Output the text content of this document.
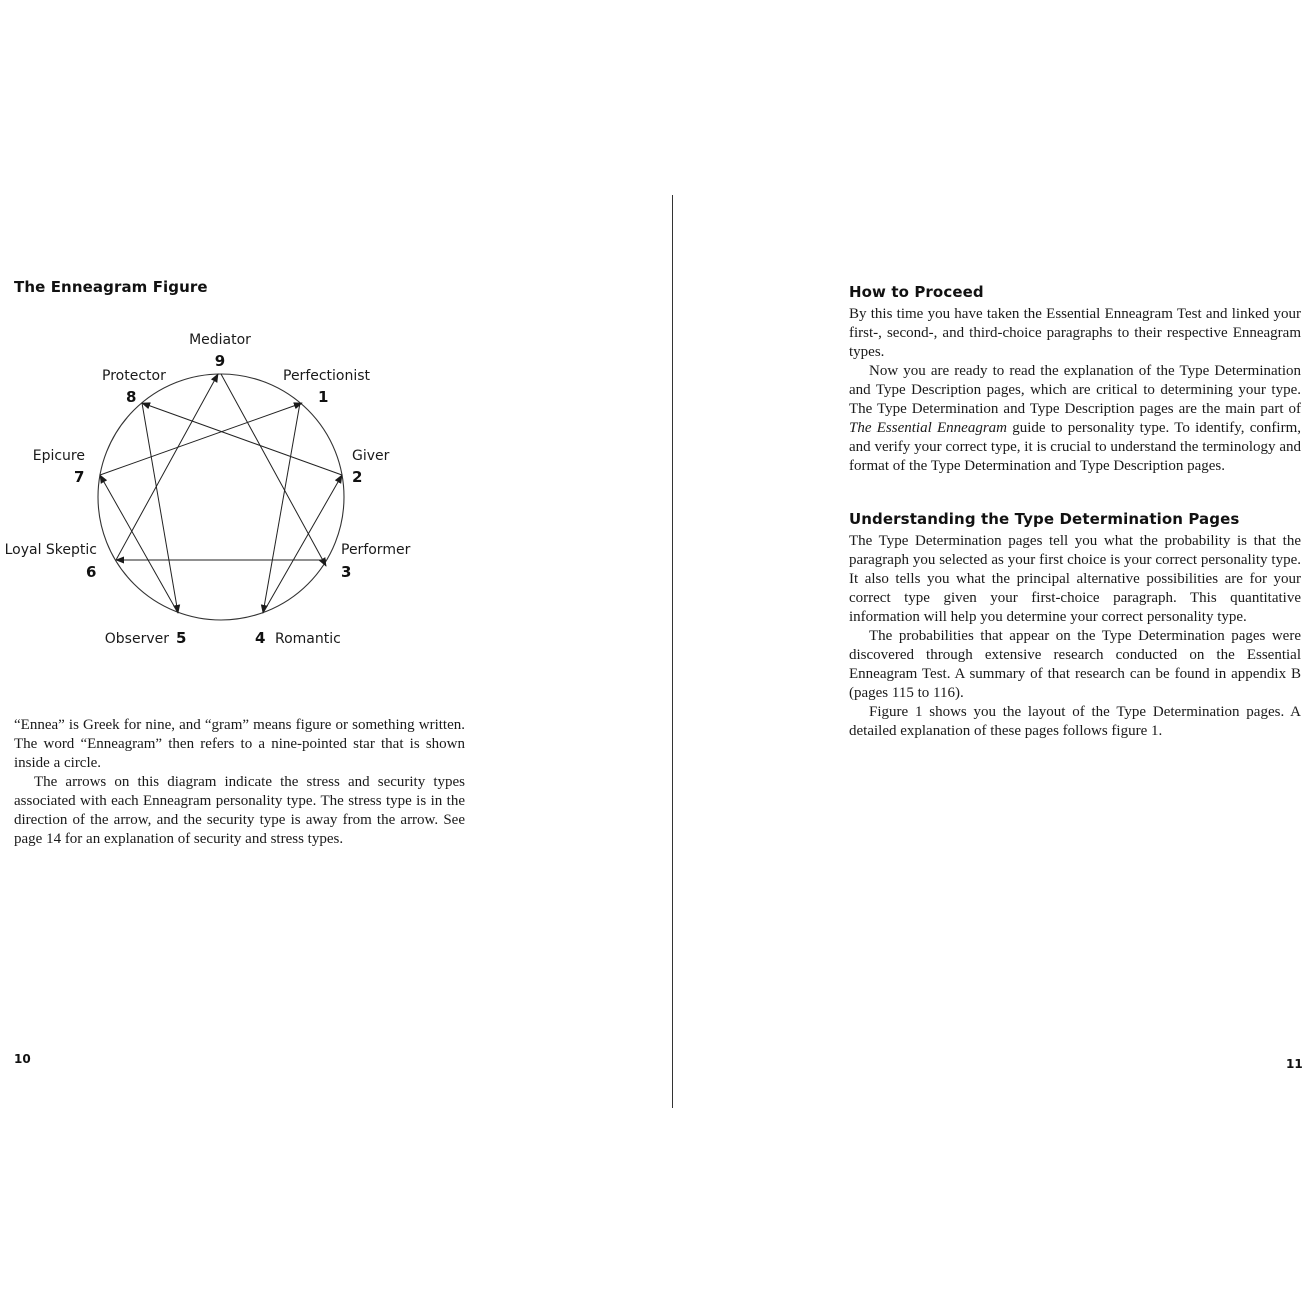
The Enneagram Figure
Mediator
9
Perfectionist
1
Giver
2
Performer
3
4 Romantic
Observer 5
Loyal Skeptic
6
Epicure
7
Protector
8

“Ennea” is Greek for nine, and “gram” means figure or something written. The word “Enneagram” then refers to a nine-pointed star that is shown inside a circle.

The arrows on this diagram indicate the stress and security types associated with each Enneagram personality type. The stress type is in the direction of the arrow, and the security type is away from the arrow. See page 14 for an explanation of security and stress types.

10
How to Proceed

By this time you have taken the Essential Enneagram Test and linked your first-, second-, and third-choice paragraphs to their respective Enneagram types.

Now you are ready to read the explanation of the Type Determination and Type Description pages, which are critical to determining your type. The Type Determination and Type Description pages are the main part of The Essential Enneagram guide to personality type. To identify, confirm, and verify your correct type, it is crucial to understand the terminology and format of the Type Determination and Type Description pages.

Understanding the Type Determination Pages

The Type Determination pages tell you what the probability is that the paragraph you selected as your first choice is your correct personality type. It also tells you what the principal alternative possibilities are for your correct type given your first-choice paragraph. This quantitative information will help you determine your correct personality type.

The probabilities that appear on the Type Determination pages were discovered through extensive research conducted on the Essential Enneagram Test. A summary of that research can be found in appendix B (pages 115 to 116).

Figure 1 shows you the layout of the Type Determination pages. A detailed explanation of these pages follows figure 1.

11
